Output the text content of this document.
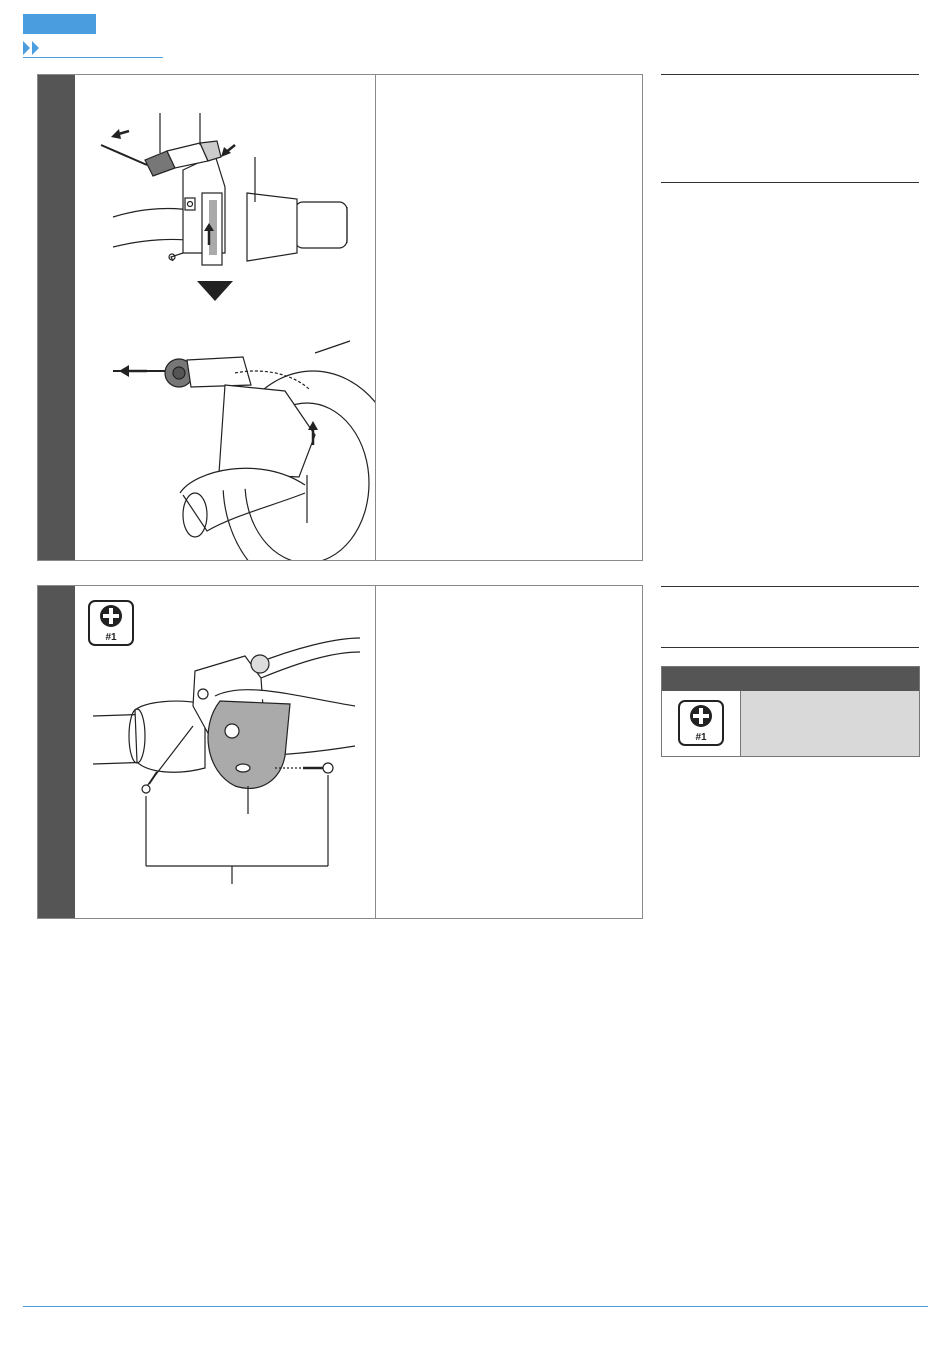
#1
#1
